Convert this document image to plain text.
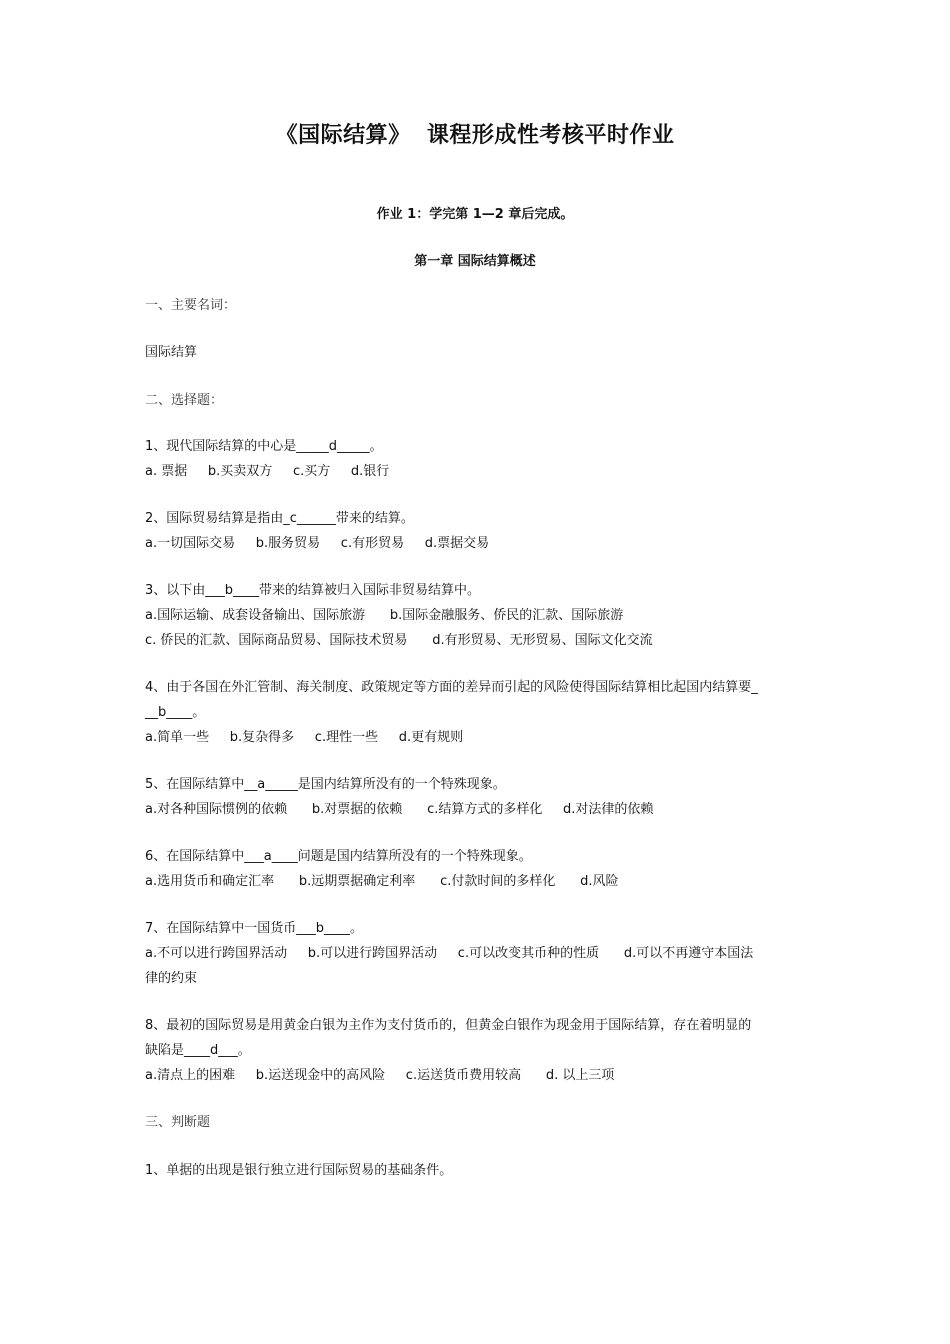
《国际结算》  课程形成性考核平时作业
作业 1：学完第 1—2 章后完成。
第一章 国际结算概述
一、主要名词：
国际结算
二、选择题：
1、现代国际结算的中心是_____d_____。
a. 票据     b.买卖双方     c.买方     d.银行
2、国际贸易结算是指由_c______带来的结算。
a.一切国际交易     b.服务贸易     c.有形贸易     d.票据交易
3、以下由___b____带来的结算被归入国际非贸易结算中。
a.国际运输、成套设备输出、国际旅游      b.国际金融服务、侨民的汇款、国际旅游
c. 侨民的汇款、国际商品贸易、国际技术贸易      d.有形贸易、无形贸易、国际文化交流
4、由于各国在外汇管制、海关制度、政策规定等方面的差异而引起的风险使得国际结算相比起国内结算要_
__b____。
a.简单一些     b.复杂得多     c.理性一些     d.更有规则
5、在国际结算中__a_____是国内结算所没有的一个特殊现象。
a.对各种国际惯例的依赖      b.对票据的依赖      c.结算方式的多样化     d.对法律的依赖
6、在国际结算中___a____问题是国内结算所没有的一个特殊现象。
a.选用货币和确定汇率      b.远期票据确定利率      c.付款时间的多样化      d.风险
7、在国际结算中一国货币___b____。
a.不可以进行跨国界活动     b.可以进行跨国界活动     c.可以改变其币种的性质      d.可以不再遵守本国法
律的约束
8、最初的国际贸易是用黄金白银为主作为支付货币的，但黄金白银作为现金用于国际结算，存在着明显的
缺陷是____d___。
a.清点上的困难     b.运送现金中的高风险     c.运送货币费用较高      d. 以上三项
三、判断题
1、单据的出现是银行独立进行国际贸易的基础条件。
